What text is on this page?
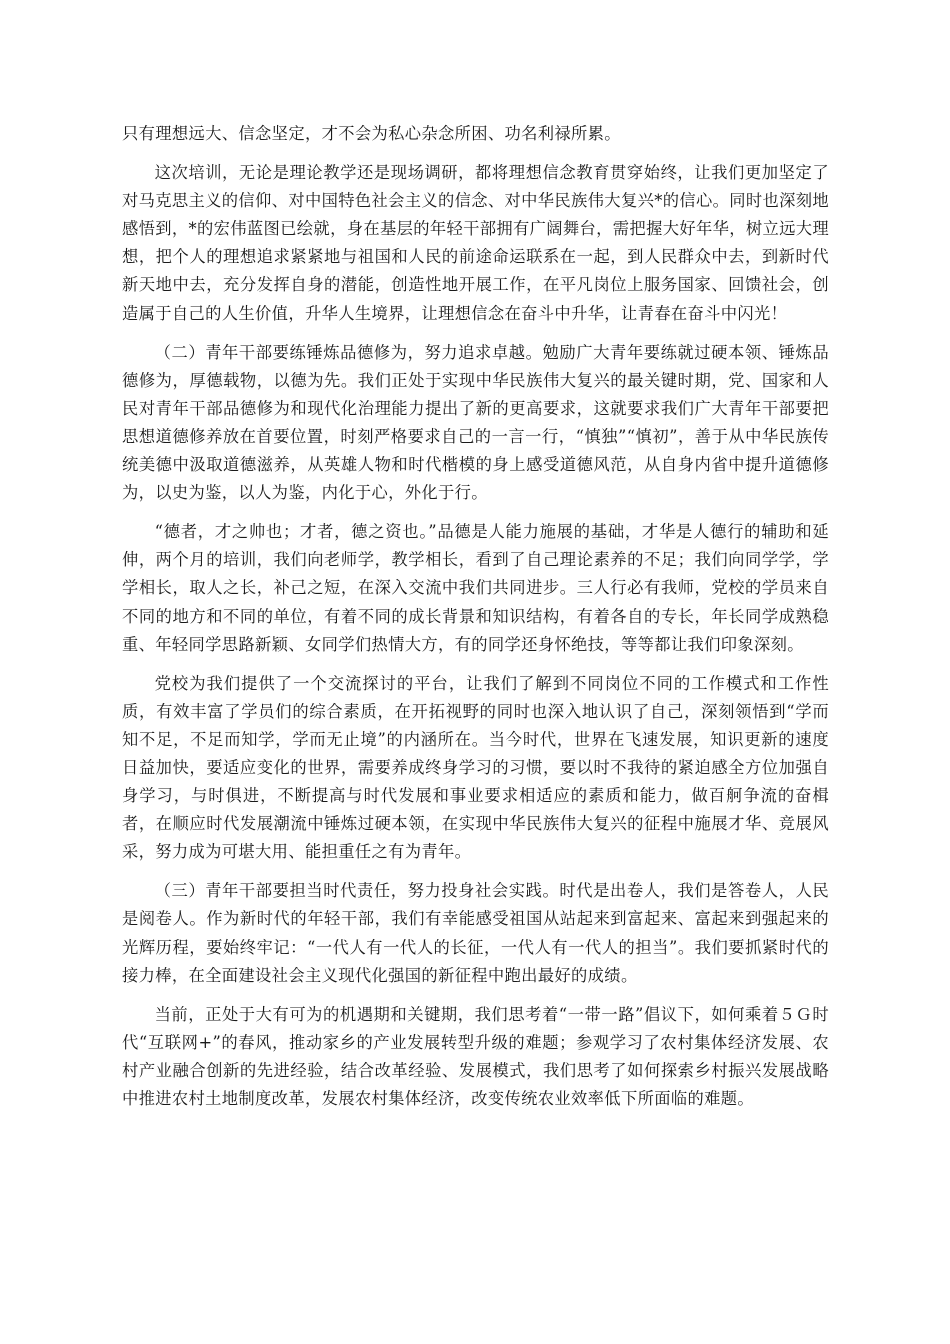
只有理想远大、信念坚定，才不会为私心杂念所困、功名利禄所累。

这次培训，无论是理论教学还是现场调研，都将理想信念教育贯穿始终，让我们更加坚定了对马克思主义的信仰、对中国特色社会主义的信念、对中华民族伟大复兴*的信心。同时也深刻地感悟到，*的宏伟蓝图已绘就，身在基层的年轻干部拥有广阔舞台，需把握大好年华，树立远大理想，把个人的理想追求紧紧地与祖国和人民的前途命运联系在一起，到人民群众中去，到新时代新天地中去，充分发挥自身的潜能，创造性地开展工作，在平凡岗位上服务国家、回馈社会，创造属于自己的人生价值，升华人生境界，让理想信念在奋斗中升华，让青春在奋斗中闪光！

（二）青年干部要练锤炼品德修为，努力追求卓越。勉励广大青年要练就过硬本领、锤炼品德修为，厚德载物，以德为先。我们正处于实现中华民族伟大复兴的最关键时期，党、国家和人民对青年干部品德修为和现代化治理能力提出了新的更高要求，这就要求我们广大青年干部要把思想道德修养放在首要位置，时刻严格要求自己的一言一行，“慎独”“慎初”，善于从中华民族传统美德中汲取道德滋养，从英雄人物和时代楷模的身上感受道德风范，从自身内省中提升道德修为，以史为鉴，以人为鉴，内化于心，外化于行。

“德者，才之帅也；才者，德之资也。”品德是人能力施展的基础，才华是人德行的辅助和延伸，两个月的培训，我们向老师学，教学相长，看到了自己理论素养的不足；我们向同学学，学学相长，取人之长，补己之短，在深入交流中我们共同进步。三人行必有我师，党校的学员来自不同的地方和不同的单位，有着不同的成长背景和知识结构，有着各自的专长，年长同学成熟稳重、年轻同学思路新颖、女同学们热情大方，有的同学还身怀绝技，等等都让我们印象深刻。

党校为我们提供了一个交流探讨的平台，让我们了解到不同岗位不同的工作模式和工作性质，有效丰富了学员们的综合素质，在开拓视野的同时也深入地认识了自己，深刻领悟到“学而知不足，不足而知学，学而无止境”的内涵所在。当今时代，世界在飞速发展，知识更新的速度日益加快，要适应变化的世界，需要养成终身学习的习惯，要以时不我待的紧迫感全方位加强自身学习，与时俱进，不断提高与时代发展和事业要求相适应的素质和能力，做百舸争流的奋楫者，在顺应时代发展潮流中锤炼过硬本领，在实现中华民族伟大复兴的征程中施展才华、竞展风采，努力成为可堪大用、能担重任之有为青年。

（三）青年干部要担当时代责任，努力投身社会实践。时代是出卷人，我们是答卷人，人民是阅卷人。作为新时代的年轻干部，我们有幸能感受祖国从站起来到富起来、富起来到强起来的光辉历程，要始终牢记：“一代人有一代人的长征，一代人有一代人的担当”。我们要抓紧时代的接力棒，在全面建设社会主义现代化强国的新征程中跑出最好的成绩。

当前，正处于大有可为的机遇期和关键期，我们思考着“一带一路”倡议下，如何乘着５Ｇ时代“互联网+”的春风，推动家乡的产业发展转型升级的难题；参观学习了农村集体经济发展、农村产业融合创新的先进经验，结合改革经验、发展模式，我们思考了如何探索乡村振兴发展战略中推进农村土地制度改革，发展农村集体经济，改变传统农业效率低下所面临的难题。
